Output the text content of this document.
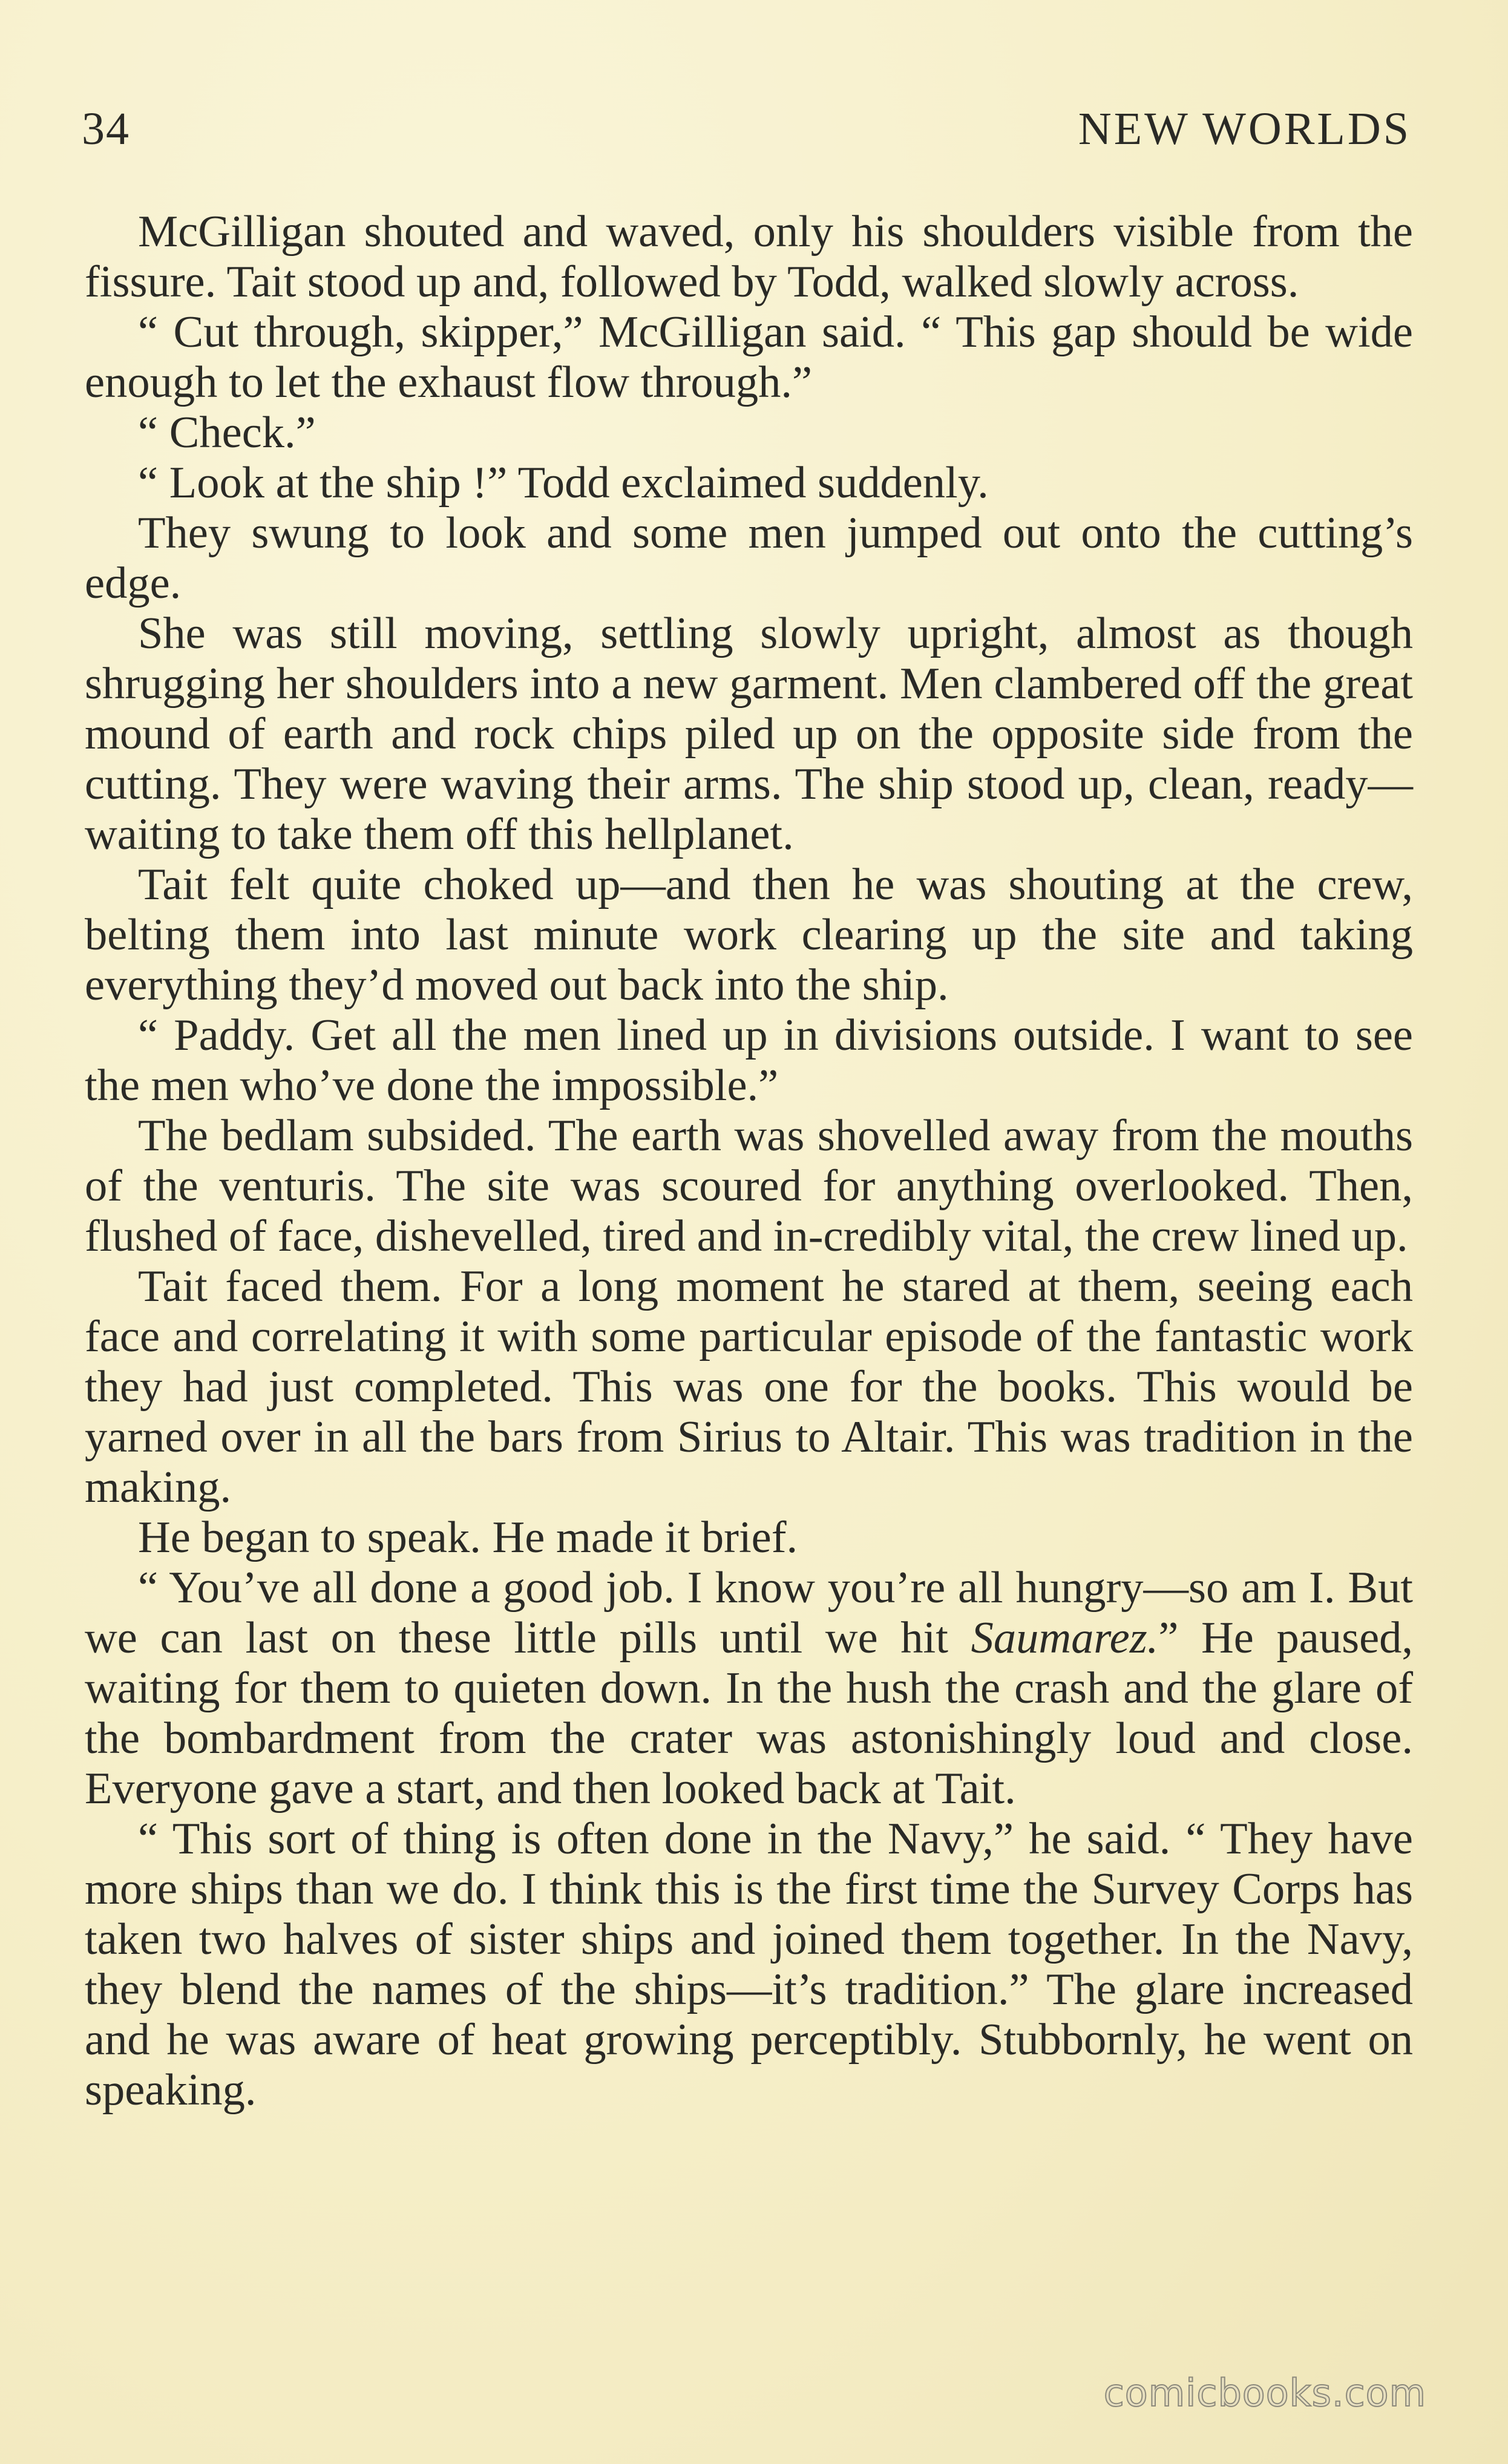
34	NEW WORLDS

McGilligan shouted and waved, only his shoulders visible from the fissure. Tait stood up and, followed by Todd, walked slowly across.

“ Cut through, skipper,” McGilligan said. “ This gap should be wide enough to let the exhaust flow through.”

“ Check.”

“ Look at the ship !” Todd exclaimed suddenly.

They swung to look and some men jumped out onto the cutting’s edge.

She was still moving, settling slowly upright, almost as though shrugging her shoulders into a new garment. Men clambered off the great mound of earth and rock chips piled up on the opposite side from the cutting. They were waving their arms. The ship stood up, clean, ready—waiting to take them off this hellplanet.

Tait felt quite choked up—and then he was shouting at the crew, belting them into last minute work clearing up the site and taking everything they’d moved out back into the ship.

“ Paddy. Get all the men lined up in divisions outside. I want to see the men who’ve done the impossible.”

The bedlam subsided. The earth was shovelled away from the mouths of the venturis. The site was scoured for anything overlooked. Then, flushed of face, dishevelled, tired and in-credibly vital, the crew lined up.

Tait faced them. For a long moment he stared at them, seeing each face and correlating it with some particular episode of the fantastic work they had just completed. This was one for the books. This would be yarned over in all the bars from Sirius to Altair. This was tradition in the making.

He began to speak. He made it brief.

“ You’ve all done a good job. I know you’re all hungry—so am I. But we can last on these little pills until we hit Saumarez.” He paused, waiting for them to quieten down. In the hush the crash and the glare of the bombardment from the crater was astonishingly loud and close. Everyone gave a start, and then looked back at Tait.

“ This sort of thing is often done in the Navy,” he said. “ They have more ships than we do. I think this is the first time the Survey Corps has taken two halves of sister ships and joined them together. In the Navy, they blend the names of the ships—it’s tradition.” The glare increased and he was aware of heat growing perceptibly. Stubbornly, he went on speaking.

comicbooks.com
